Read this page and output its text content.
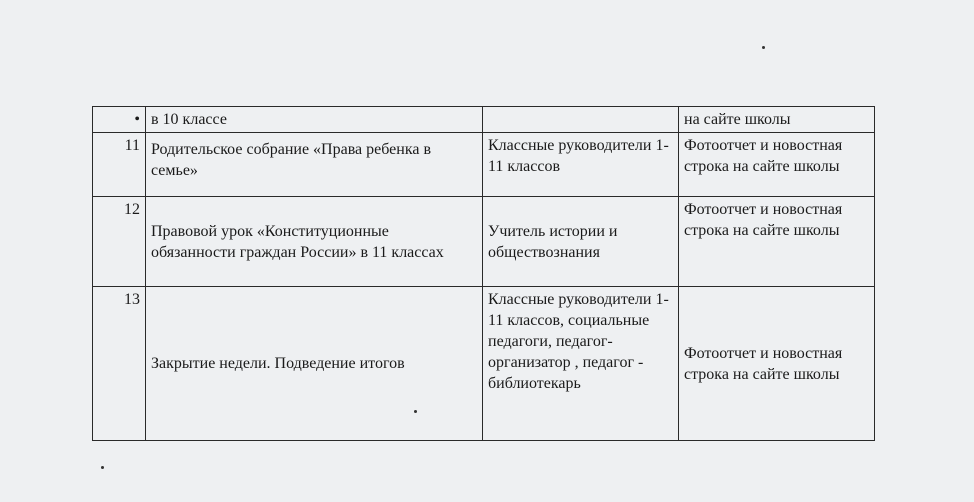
•	в 10 классе		на сайте школы
11	Родительское собрание «Права ребенка в семье»	Классные руководители 1-11 классов	Фотоотчет и новостная строка на сайте школы
12	Правовой урок «Конституционные обязанности граждан России» в 11 классах	Учитель истории и обществознания	Фотоотчет и новостная строка на сайте школы
13	Закрытие недели. Подведение итогов	Классные руководители 1-11 классов, социальные педагоги, педагог-организатор , педагог - библиотекарь	Фотоотчет и новостная строка на сайте школы
